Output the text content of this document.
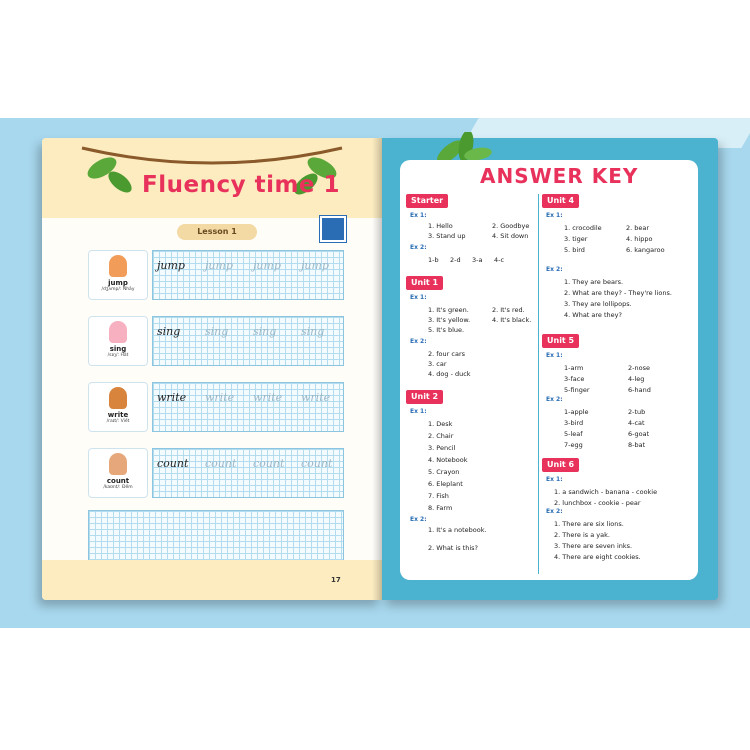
Fluency time 1
Lesson 1
jump
/dʒʌmp/: Nhảy
jump jump jump jump
sing
/sɪŋ/: Hát
sing sing sing sing
write
/raɪt/: Viết
write write write write
count
/kaʊnt/: Đếm
count count count count
17
ANSWER KEY
Starter
Ex 1:
1. Hello
3. Stand up
2. Goodbye
4. Sit down
Ex 2:
1-b 2-d 3-a 4-c
Unit 1
Ex 1:
1. It's green.
3. It's yellow.
5. It's blue.
2. It's red.
4. It's black.
Ex 2:
2. four cars
3. car
4. dog - duck
Unit 2
Ex 1:
1. Desk
2. Chair
3. Pencil
4. Notebook
5. Crayon
6. Eleplant
7. Fish
8. Farm
Ex 2:
1. It's a notebook.
2. What is this?
Unit 4
Ex 1:
1. crocodile
3. tiger
5. bird
2. bear
4. hippo
6. kangaroo
Ex 2:
1. They are bears.
2. What are they? - They're lions.
3. They are lollipops.
4. What are they?
Unit 5
Ex 1:
1-arm
3-face
5-finger
2-nose
4-leg
6-hand
Ex 2:
1-apple
3-bird
5-leaf
7-egg
2-tub
4-cat
6-goat
8-bat
Unit 6
Ex 1:
1. a sandwich - banana - cookie
2. lunchbox - cookie - pear
Ex 2:
1. There are six lions.
2. There is a yak.
3. There are seven inks.
4. There are eight cookies.
